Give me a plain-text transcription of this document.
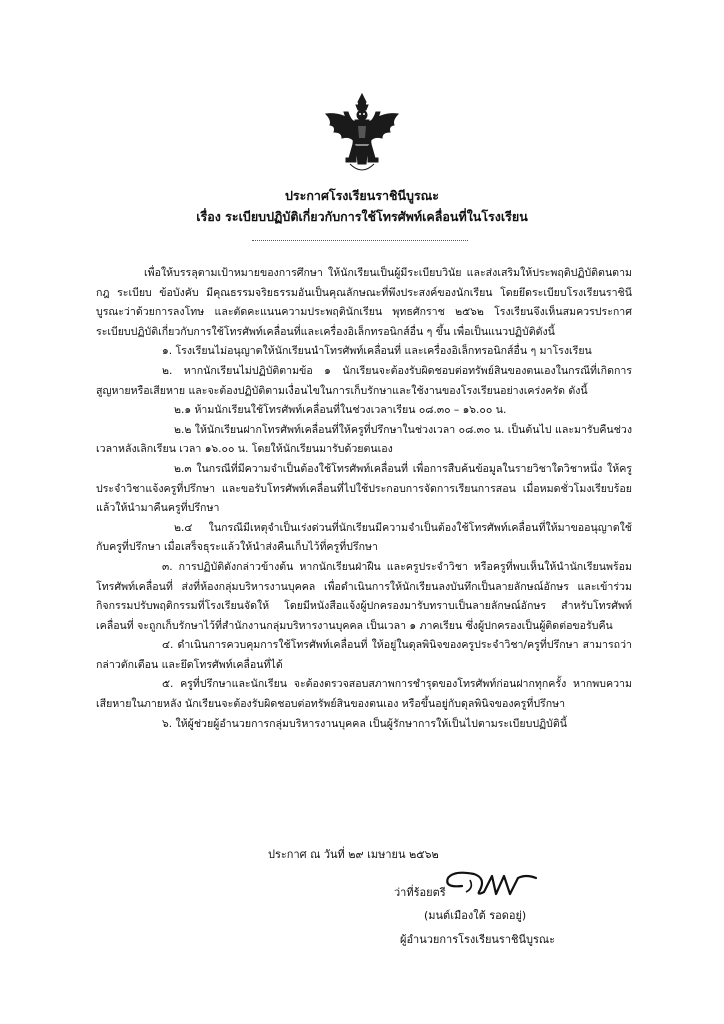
ประกาศโรงเรียนราชินีบูรณะ
เรื่อง ระเบียบปฏิบัติเกี่ยวกับการใช้โทรศัพท์เคลื่อนที่ในโรงเรียน

เพื่อให้บรรลุตามเป้าหมายของการศึกษา ให้นักเรียนเป็นผู้มีระเบียบวินัย และส่งเสริมให้ประพฤติปฏิบัติตนตามกฎ ระเบียบ ข้อบังคับ มีคุณธรรมจริยธรรมอันเป็นคุณลักษณะที่พึงประสงค์ของนักเรียน โดยยึดระเบียบโรงเรียนราชินีบูรณะว่าด้วยการลงโทษ และตัดคะแนนความประพฤตินักเรียน พุทธศักราช ๒๕๖๒ โรงเรียนจึงเห็นสมควรประกาศระเบียบปฏิบัติเกี่ยวกับการใช้โทรศัพท์เคลื่อนที่และเครื่องอิเล็กทรอนิกส์อื่น ๆ ขึ้น เพื่อเป็นแนวปฏิบัติดังนี้

๑. โรงเรียนไม่อนุญาตให้นักเรียนนำโทรศัพท์เคลื่อนที่ และเครื่องอิเล็กทรอนิกส์อื่น ๆ มาโรงเรียน

๒. หากนักเรียนไม่ปฏิบัติตามข้อ ๑ นักเรียนจะต้องรับผิดชอบต่อทรัพย์สินของตนเองในกรณีที่เกิดการสูญหายหรือเสียหาย และจะต้องปฏิบัติตามเงื่อนไขในการเก็บรักษาและใช้งานของโรงเรียนอย่างเคร่งครัด ดังนี้

๒.๑ ห้ามนักเรียนใช้โทรศัพท์เคลื่อนที่ในช่วงเวลาเรียน ๐๘.๓๐ – ๑๖.๐๐ น.

๒.๒ ให้นักเรียนฝากโทรศัพท์เคลื่อนที่ให้ครูที่ปรึกษาในช่วงเวลา ๐๘.๓๐ น. เป็นต้นไป และมารับคืนช่วงเวลาหลังเลิกเรียน เวลา ๑๖.๐๐ น. โดยให้นักเรียนมารับด้วยตนเอง

๒.๓ ในกรณีที่มีความจำเป็นต้องใช้โทรศัพท์เคลื่อนที่ เพื่อการสืบค้นข้อมูลในรายวิชาใดวิชาหนึ่ง ให้ครูประจำวิชาแจ้งครูที่ปรึกษา และขอรับโทรศัพท์เคลื่อนที่ไปใช้ประกอบการจัดการเรียนการสอน เมื่อหมดชั่วโมงเรียบร้อยแล้วให้นำมาคืนครูที่ปรึกษา

๒.๔ ในกรณีมีเหตุจำเป็นเร่งด่วนที่นักเรียนมีความจำเป็นต้องใช้โทรศัพท์เคลื่อนที่ให้มาขออนุญาตใช้กับครูที่ปรึกษา เมื่อเสร็จธุระแล้วให้นำส่งคืนเก็บไว้ที่ครูที่ปรึกษา

๓. การปฏิบัติดังกล่าวข้างต้น หากนักเรียนฝ่าฝืน และครูประจำวิชา หรือครูที่พบเห็นให้นำนักเรียนพร้อมโทรศัพท์เคลื่อนที่ ส่งที่ห้องกลุ่มบริหารงานบุคคล เพื่อดำเนินการให้นักเรียนลงบันทึกเป็นลายลักษณ์อักษร และเข้าร่วมกิจกรรมปรับพฤติกรรมที่โรงเรียนจัดให้ โดยมีหนังสือแจ้งผู้ปกครองมารับทราบเป็นลายลักษณ์อักษร สำหรับโทรศัพท์เคลื่อนที่ จะถูกเก็บรักษาไว้ที่สำนักงานกลุ่มบริหารงานบุคคล เป็นเวลา ๑ ภาคเรียน ซึ่งผู้ปกครองเป็นผู้ติดต่อขอรับคืน

๔. ดำเนินการควบคุมการใช้โทรศัพท์เคลื่อนที่ ให้อยู่ในดุลพินิจของครูประจำวิชา/ครูที่ปรึกษา สามารถว่ากล่าวตักเตือน และยึดโทรศัพท์เคลื่อนที่ได้

๕. ครูที่ปรึกษาและนักเรียน จะต้องตรวจสอบสภาพการชำรุดของโทรศัพท์ก่อนฝากทุกครั้ง หากพบความเสียหายในภายหลัง นักเรียนจะต้องรับผิดชอบต่อทรัพย์สินของตนเอง หรือขึ้นอยู่กับดุลพินิจของครูที่ปรึกษา

๖. ให้ผู้ช่วยผู้อำนวยการกลุ่มบริหารงานบุคคล เป็นผู้รักษาการให้เป็นไปตามระเบียบปฏิบัตินี้

ประกาศ ณ วันที่ ๒๙ เมษายน ๒๕๖๒
ว่าที่ร้อยตรี
(มนต์เมืองใต้ รอดอยู่)
ผู้อำนวยการโรงเรียนราชินีบูรณะ
